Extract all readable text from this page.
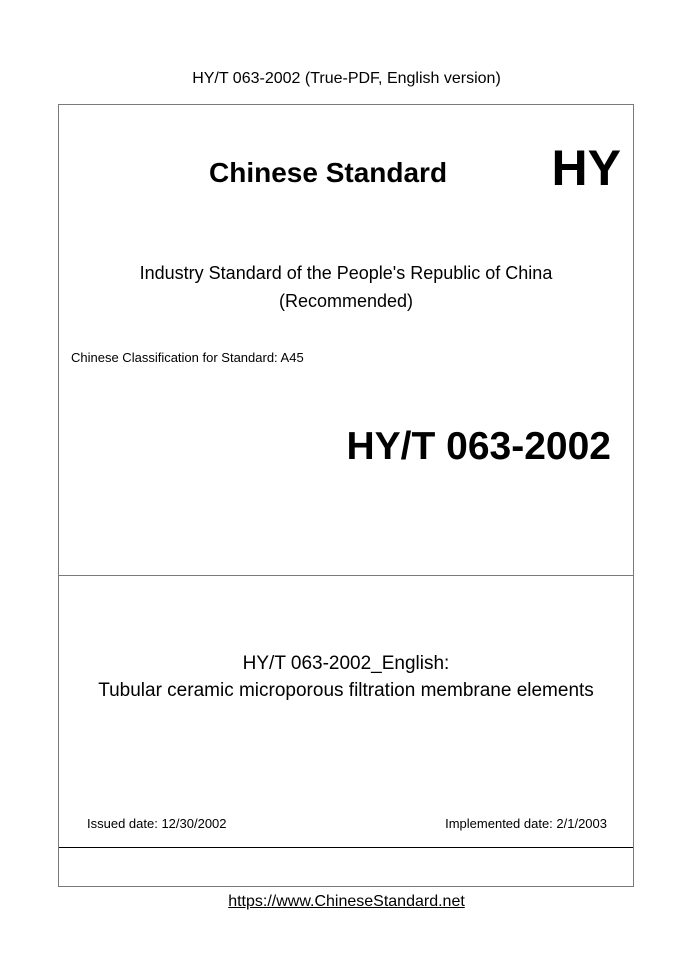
HY/T 063-2002 (True-PDF, English version)
Chinese Standard HY
Industry Standard of the People's Republic of China
(Recommended)
Chinese Classification for Standard: A45
HY/T 063-2002
HY/T 063-2002_English:
Tubular ceramic microporous filtration membrane elements
Issued date: 12/30/2002	Implemented date: 2/1/2003
https://www.ChineseStandard.net
